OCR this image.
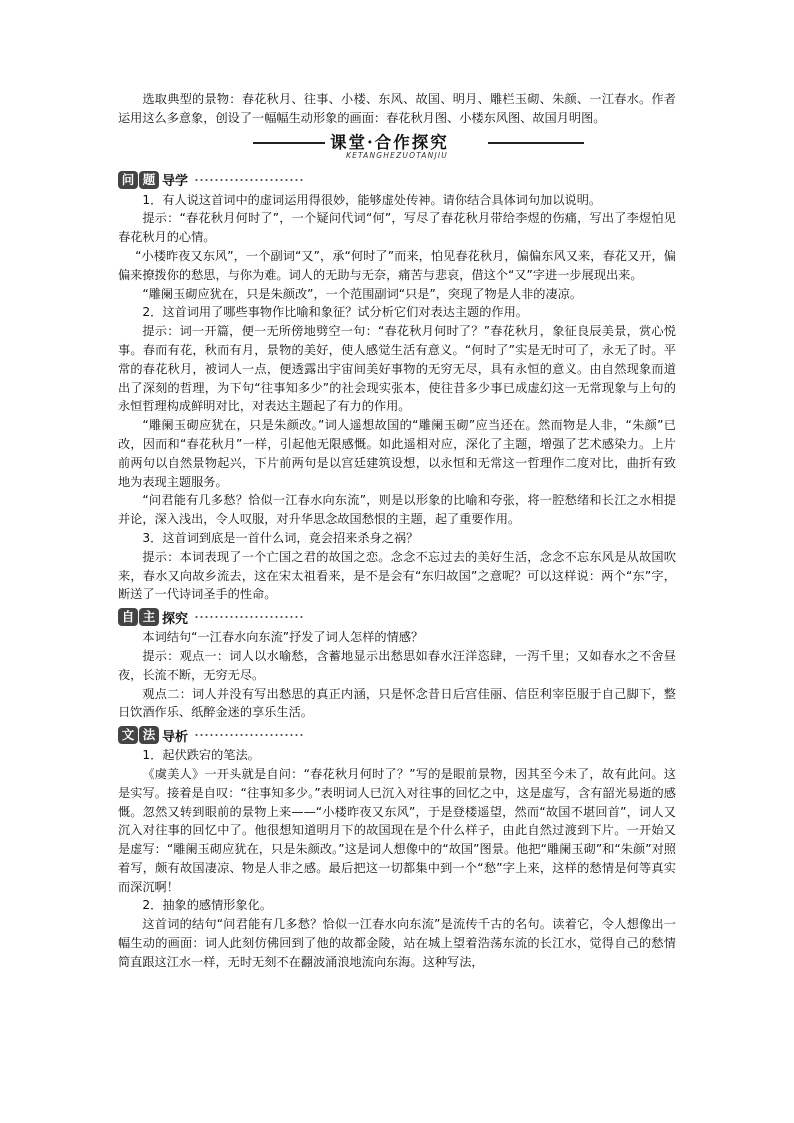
选取典型的景物：春花秋月、往事、小楼、东风、故国、明月、雕栏玉砌、朱颜、一江春水。作者运用这么多意象，创设了一幅幅生动形象的画面：春花秋月图、小楼东风图、故国月明图。

课堂·合作探究
KETANGHEZUOTANJIU
问 题 导学

1．有人说这首词中的虚词运用得很妙，能够虚处传神。请你结合具体词句加以说明。

提示：“春花秋月何时了”，一个疑问代词“何”，写尽了春花秋月带给李煜的伤痛，写出了李煜怕见春花秋月的心情。

“小楼昨夜又东风”，一个副词“又”，承“何时了”而来，怕见春花秋月，偏偏东风又来，春花又开，偏偏来撩拨你的愁思，与你为难。词人的无助与无奈，痛苦与悲哀，借这个“又”字进一步展现出来。

“雕阑玉砌应犹在，只是朱颜改”，一个范围副词“只是”，突现了物是人非的凄凉。

2．这首词用了哪些事物作比喻和象征？试分析它们对表达主题的作用。

提示：词一开篇，便一无所傍地劈空一句：“春花秋月何时了？”春花秋月，象征良辰美景，赏心悦事。春而有花，秋而有月，景物的美好，使人感觉生活有意义。“何时了”实是无时可了，永无了时。平常的春花秋月，被词人一点，便透露出宇宙间美好事物的无穷无尽，具有永恒的意义。由自然现象而道出了深刻的哲理，为下句“往事知多少”的社会现实张本，使往昔多少事已成虚幻这一无常现象与上句的永恒哲理构成鲜明对比，对表达主题起了有力的作用。

“雕阑玉砌应犹在，只是朱颜改。”词人遥想故国的“雕阑玉砌”应当还在。然而物是人非，“朱颜”已改，因而和“春花秋月”一样，引起他无限感慨。如此遥相对应，深化了主题，增强了艺术感染力。上片前两句以自然景物起兴，下片前两句是以宫廷建筑设想，以永恒和无常这一哲理作二度对比，曲折有致地为表现主题服务。

“问君能有几多愁？恰似一江春水向东流”，则是以形象的比喻和夸张，将一腔愁绪和长江之水相提并论，深入浅出，令人叹服，对升华思念故国愁恨的主题，起了重要作用。

3．这首词到底是一首什么词，竟会招来杀身之祸？

提示：本词表现了一个亡国之君的故国之恋。念念不忘过去的美好生活，念念不忘东风是从故国吹来，春水又向故乡流去，这在宋太祖看来，是不是会有“东归故国”之意呢？可以这样说：两个“东”字，断送了一代诗词圣手的性命。

自 主 探究

本词结句“一江春水向东流”抒发了词人怎样的情感？

提示：观点一：词人以水喻愁，含蓄地显示出愁思如春水汪洋恣肆，一泻千里；又如春水之不舍昼夜，长流不断，无穷无尽。

观点二：词人并没有写出愁思的真正内涵，只是怀念昔日后宫佳丽、信臣利宰臣服于自己脚下，整日饮酒作乐、纸醉金迷的享乐生活。

文 法 导析

1．起伏跌宕的笔法。

《虞美人》一开头就是自问：“春花秋月何时了？”写的是眼前景物，因其至今未了，故有此问。这是实写。接着是自叹：“往事知多少。”表明词人已沉入对往事的回忆之中，这是虚写，含有韶光易逝的感慨。忽然又转到眼前的景物上来——“小楼昨夜又东风”，于是登楼遥望，然而“故国不堪回首”，词人又沉入对往事的回忆中了。他很想知道明月下的故国现在是个什么样子，由此自然过渡到下片。一开始又是虚写：“雕阑玉砌应犹在，只是朱颜改。”这是词人想像中的“故国”图景。他把“雕阑玉砌”和“朱颜”对照着写，颇有故国凄凉、物是人非之感。最后把这一切都集中到一个“愁”字上来，这样的愁情是何等真实而深沉啊！

2．抽象的感情形象化。

这首词的结句“问君能有几多愁？恰似一江春水向东流”是流传千古的名句。读着它，令人想像出一幅生动的画面：词人此刻仿佛回到了他的故都金陵，站在城上望着浩荡东流的长江水，觉得自己的愁情简直跟这江水一样，无时无刻不在翻波涌浪地流向东海。这种写法，
